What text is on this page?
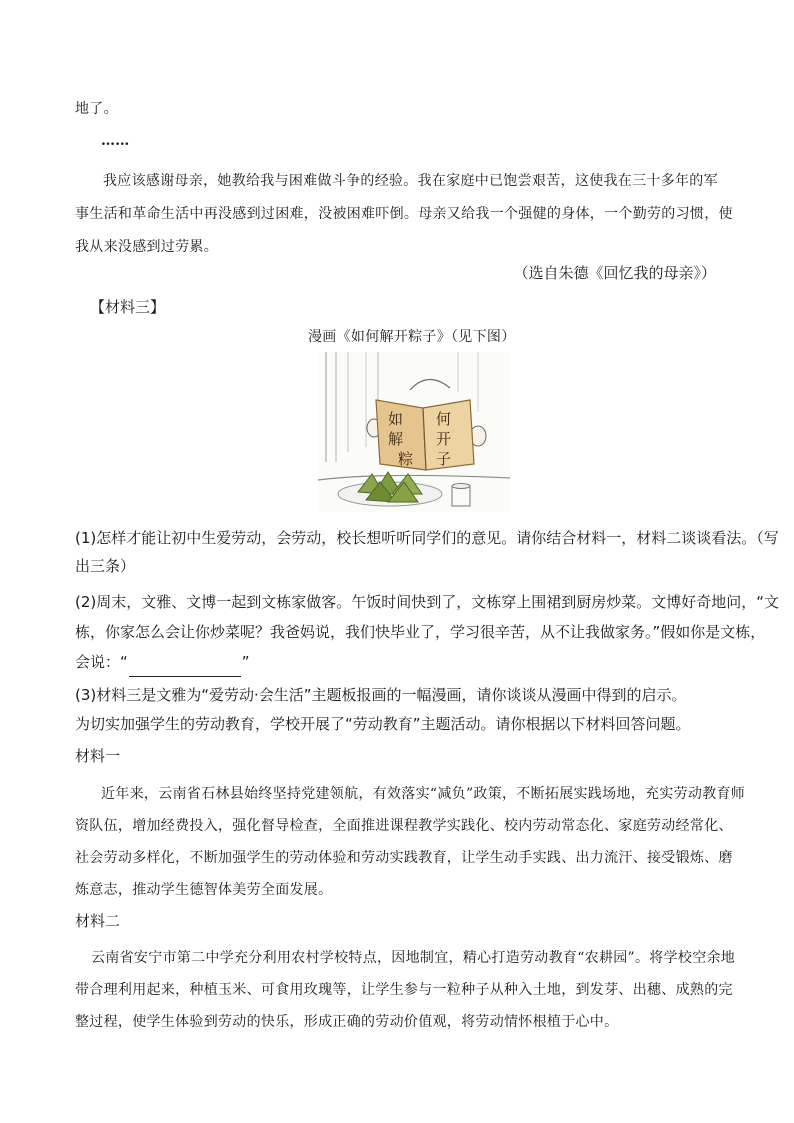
地了。
……
我应该感谢母亲，她教给我与困难做斗争的经验。我在家庭中已饱尝艰苦，这使我在三十多年的军
事生活和革命生活中再没感到过困难，没被困难吓倒。母亲又给我一个强健的身体，一个勤劳的习惯，使
我从来没感到过劳累。
（选自朱德《回忆我的母亲》）
【材料三】
漫画《如何解开粽子》（见下图）
如 何
解 开
粽 子
(1)怎样才能让初中生爱劳动，会劳动，校长想听听同学们的意见。请你结合材料一，材料二谈谈看法。（写
出三条）
(2)周末，文雅、文博一起到文栋家做客。午饭时间快到了，文栋穿上围裙到厨房炒菜。文博好奇地问，“文
栋，你家怎么会让你炒菜呢？我爸妈说，我们快毕业了，学习很辛苦，从不让我做家务。”假如你是文栋，
会说：“	”
(3)材料三是文雅为“爱劳动·会生活”主题板报画的一幅漫画，请你谈谈从漫画中得到的启示。
为切实加强学生的劳动教育，学校开展了“劳动教育”主题活动。请你根据以下材料回答问题。
材料一
近年来，云南省石林县始终坚持党建领航，有效落实“减负”政策，不断拓展实践场地，充实劳动教育师
资队伍，增加经费投入，强化督导检查，全面推进课程教学实践化、校内劳动常态化、家庭劳动经常化、
社会劳动多样化，不断加强学生的劳动体验和劳动实践教育，让学生动手实践、出力流汗、接受锻炼、磨
炼意志，推动学生德智体美劳全面发展。
材料二
云南省安宁市第二中学充分利用农村学校特点，因地制宜，精心打造劳动教育“农耕园”。将学校空余地
带合理利用起来，种植玉米、可食用玫瑰等，让学生参与一粒种子从种入土地，到发芽、出穗、成熟的完
整过程，使学生体验到劳动的快乐，形成正确的劳动价值观，将劳动情怀根植于心中。
